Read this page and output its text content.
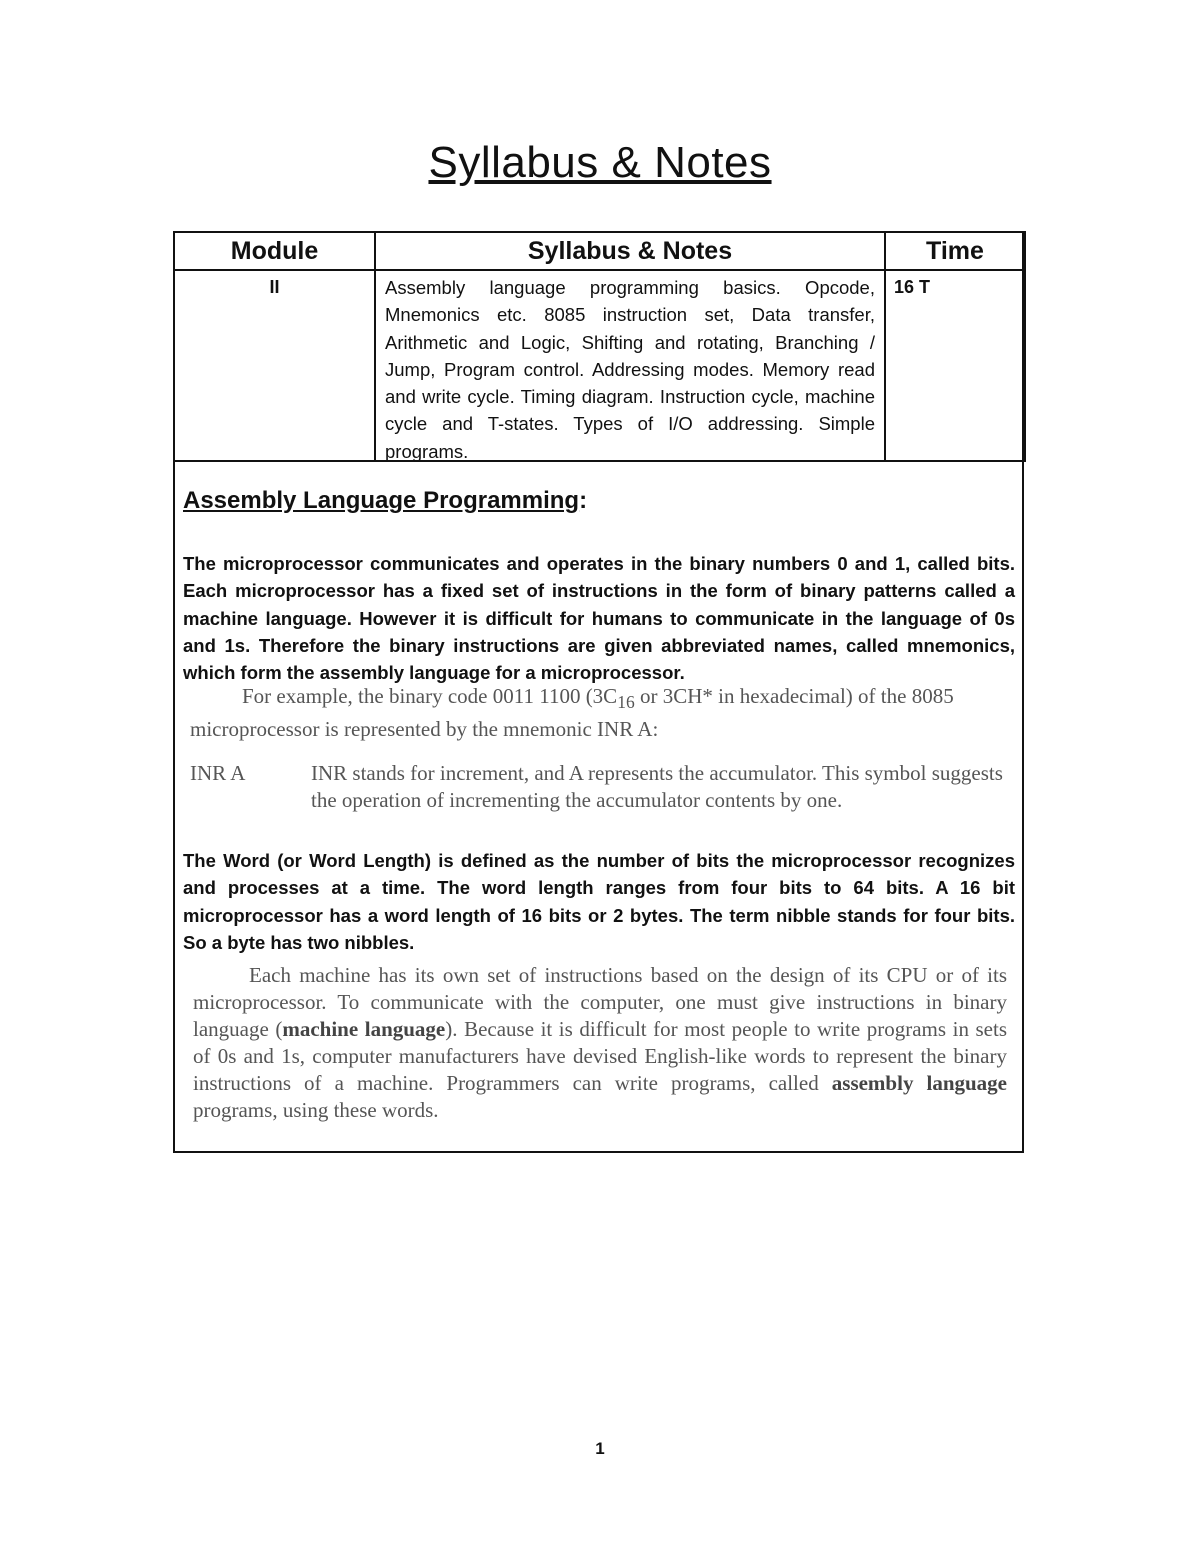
Syllabus & Notes
Module	Syllabus & Notes	Time
II	Assembly language programming basics. Opcode, Mnemonics etc. 8085 instruction set, Data transfer, Arithmetic and Logic, Shifting and rotating, Branching / Jump, Program control. Addressing modes. Memory read and write cycle. Timing diagram. Instruction cycle, machine cycle and T-states. Types of I/O addressing. Simple programs.	16 T
Assembly Language Programming:
The microprocessor communicates and operates in the binary numbers 0 and 1, called bits. Each microprocessor has a fixed set of instructions in the form of binary patterns called a machine language. However it is difficult for humans to communicate in the language of 0s and 1s. Therefore the binary instructions are given abbreviated names, called mnemonics, which form the assembly language for a microprocessor.
For example, the binary code 0011 1100 ($3C_{16}$ or 3CH* in hexadecimal) of the 8085 microprocessor is represented by the mnemonic INR A:
INR A	INR stands for increment, and A represents the accumulator. This symbol suggests the operation of incrementing the accumulator contents by one.
The Word (or Word Length) is defined as the number of bits the microprocessor recognizes and processes at a time. The word length ranges from four bits to 64 bits. A 16 bit microprocessor has a word length of 16 bits or 2 bytes. The term nibble stands for four bits. So a byte has two nibbles.
Each machine has its own set of instructions based on the design of its CPU or of its microprocessor. To communicate with the computer, one must give instructions in binary language (machine language). Because it is difficult for most people to write programs in sets of 0s and 1s, computer manufacturers have devised English-like words to represent the binary instructions of a machine. Programmers can write programs, called assembly language programs, using these words.
1
